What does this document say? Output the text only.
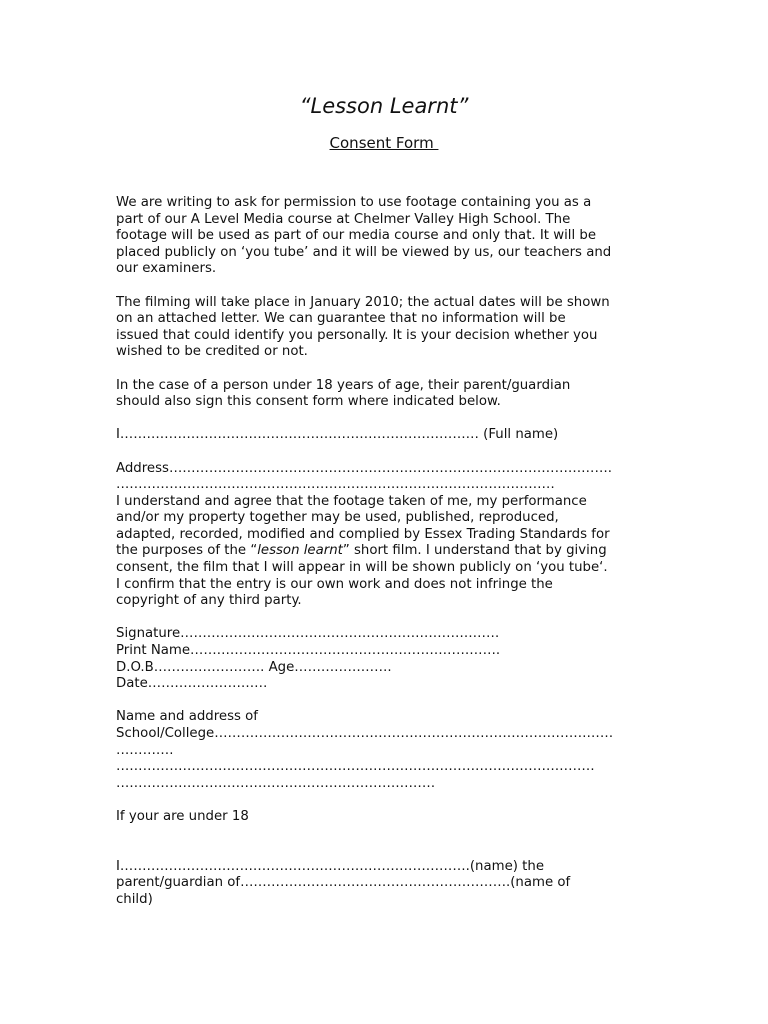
“Lesson Learnt”
Consent Form
We are writing to ask for permission to use footage containing you as a
part of our A Level Media course at Chelmer Valley High School. The
footage will be used as part of our media course and only that. It will be
placed publicly on ‘you tube’ and it will be viewed by us, our teachers and
our examiners.
The filming will take place in January 2010; the actual dates will be shown
on an attached letter. We can guarantee that no information will be
issued that could identify you personally. It is your decision whether you
wished to be credited or not.
In the case of a person under 18 years of age, their parent/guardian
should also sign this consent form where indicated below.
I……………………………………………………………………… (Full name)
Address……………………………………………………………………………………….
………………………………………………………………………………………
I understand and agree that the footage taken of me, my performance
and/or my property together may be used, published, reproduced,
adapted, recorded, modified and complied by Essex Trading Standards for
the purposes of the “lesson learnt” short film. I understand that by giving
consent, the film that I will appear in will be shown publicly on ‘you tube‘.
I confirm that the entry is our own work and does not infringe the
copyright of any third party.
Signature………………………………………………………………
Print Name…………………………………………………………….
D.O.B……………………. Age………………….
Date………………………
Name and address of
School/College………………………………………………………………………………
………….
………………………………………………………………………………………………
………………………………………………………………
If your are under 18
I…………………………………………………………………….(name) the
parent/guardian of…………………………………………………….(name of
child)
